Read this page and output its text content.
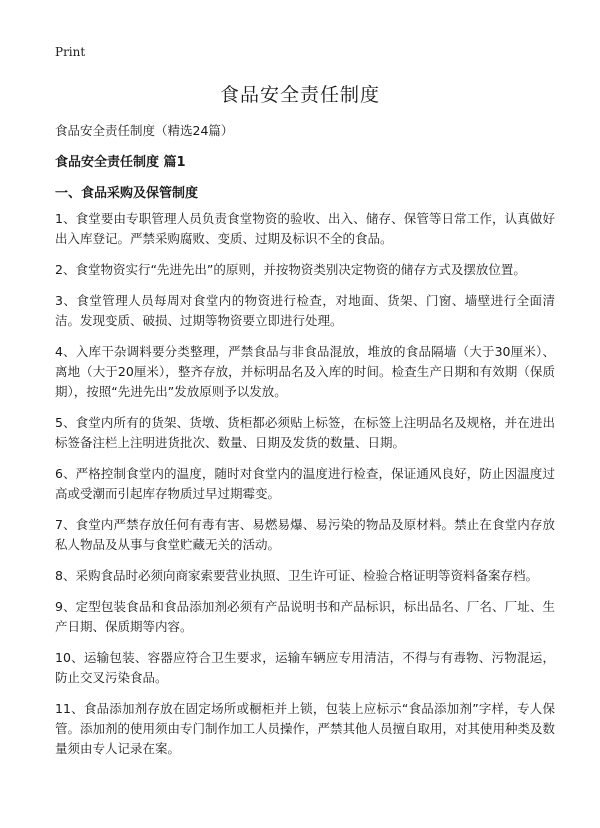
Print
食品安全责任制度

食品安全责任制度（精选24篇）

食品安全责任制度 篇1

一、食品采购及保管制度

1、食堂要由专职管理人员负责食堂物资的验收、出入、储存、保管等日常工作，认真做好出入库登记。严禁采购腐败、变质、过期及标识不全的食品。
2、食堂物资实行“先进先出”的原则，并按物资类别决定物资的储存方式及摆放位置。
3、食堂管理人员每周对食堂内的物资进行检查，对地面、货架、门窗、墙壁进行全面清洁。发现变质、破损、过期等物资要立即进行处理。
4、入库干杂调料要分类整理，严禁食品与非食品混放，堆放的食品隔墙（大于30厘米）、离地（大于20厘米），整齐存放，并标明品名及入库的时间。检查生产日期和有效期（保质期），按照“先进先出”发放原则予以发放。
5、食堂内所有的货架、货墩、货柜都必须贴上标签，在标签上注明品名及规格，并在进出标签备注栏上注明进货批次、数量、日期及发货的数量、日期。
6、严格控制食堂内的温度，随时对食堂内的温度进行检查，保证通风良好，防止因温度过高或受潮而引起库存物质过早过期霉变。
7、食堂内严禁存放任何有毒有害、易燃易爆、易污染的物品及原材料。禁止在食堂内存放私人物品及从事与食堂贮藏无关的活动。
8、采购食品时必须向商家索要营业执照、卫生许可证、检验合格证明等资料备案存档。
9、定型包装食品和食品添加剂必须有产品说明书和产品标识，标出品名、厂名、厂址、生产日期、保质期等内容。
10、运输包装、容器应符合卫生要求，运输车辆应专用清洁，不得与有毒物、污物混运，防止交叉污染食品。
11、食品添加剂存放在固定场所或橱柜并上锁，包装上应标示“食品添加剂”字样，专人保管。添加剂的使用须由专门制作加工人员操作，严禁其他人员擅自取用，对其使用种类及数量须由专人记录在案。
